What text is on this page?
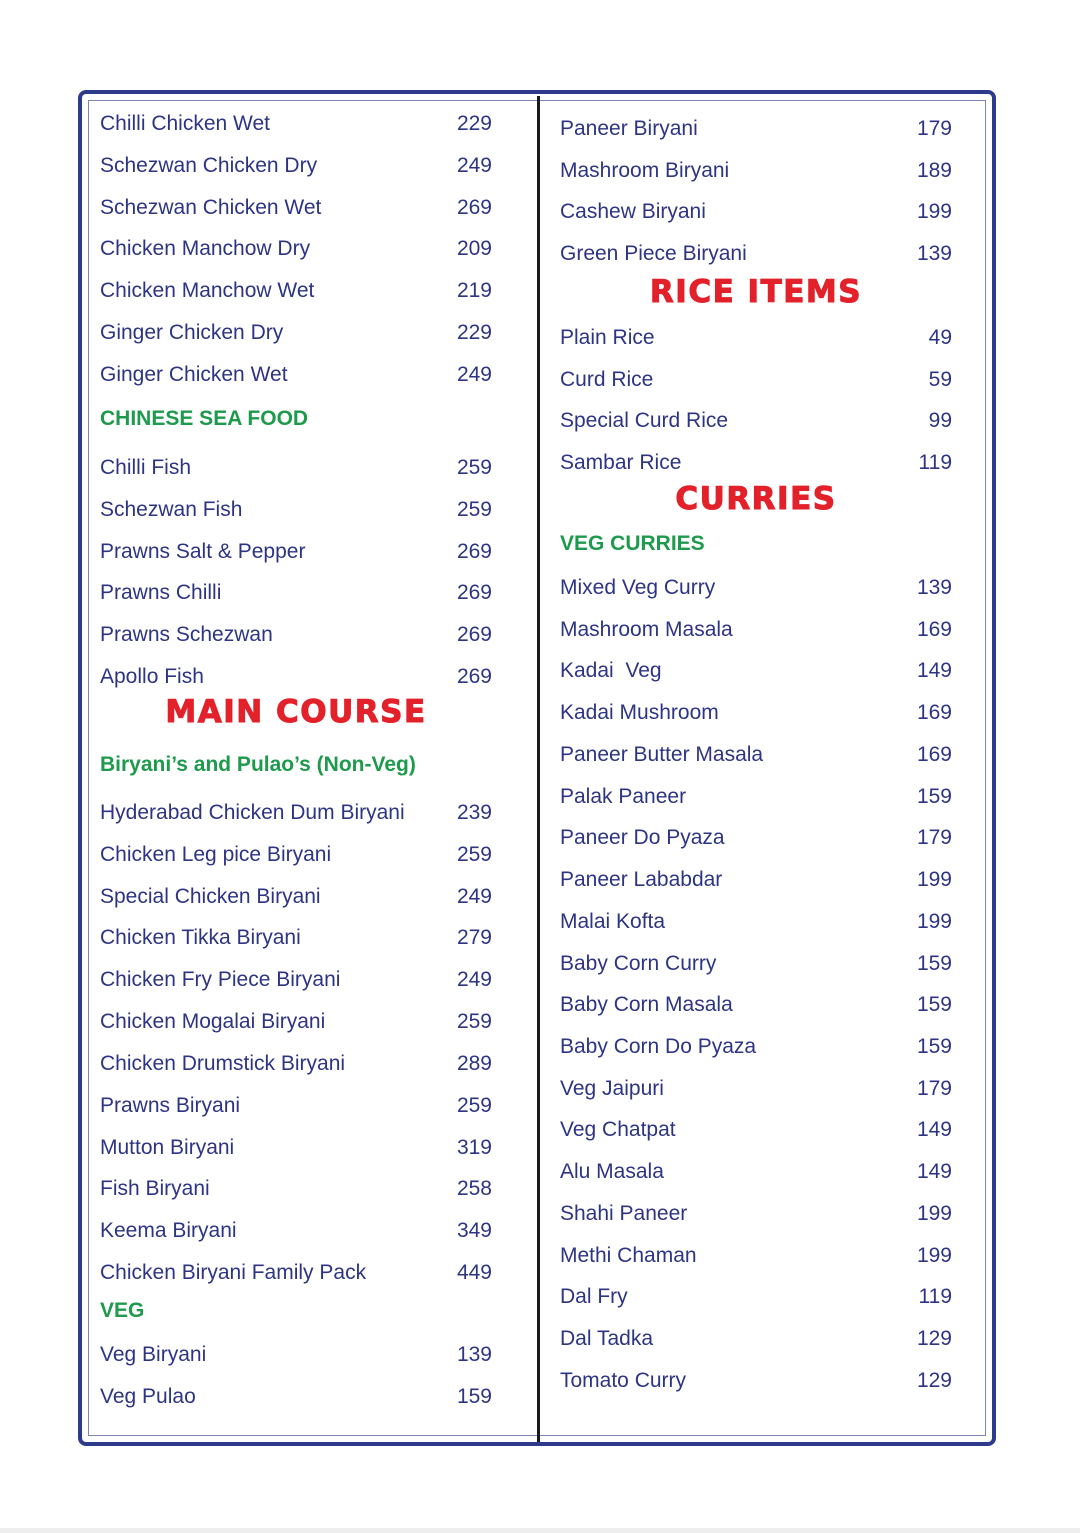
Chilli Chicken Wet	229
Schezwan Chicken Dry	249
Schezwan Chicken Wet	269
Chicken Manchow Dry	209
Chicken Manchow Wet	219
Ginger Chicken Dry	229
Ginger Chicken Wet	249
CHINESE SEA FOOD
Chilli Fish	259
Schezwan Fish	259
Prawns Salt & Pepper	269
Prawns Chilli	269
Prawns Schezwan	269
Apollo Fish	269
MAIN COURSE
Biryani’s and Pulao’s (Non-Veg)
Hyderabad Chicken Dum Biryani 239
Chicken Leg pice Biryani	259
Special Chicken Biryani	249
Chicken Tikka Biryani	279
Chicken Fry Piece Biryani	249
Chicken Mogalai Biryani	259
Chicken Drumstick Biryani	289
Prawns Biryani	259
Mutton Biryani	319
Fish Biryani	258
Keema Biryani	349
Chicken Biryani Family Pack	449
VEG
Veg Biryani	139
Veg Pulao	159
Paneer Biryani	179
Mashroom Biryani	189
Cashew Biryani	199
Green Piece Biryani	139
RICE ITEMS
Plain Rice	49
Curd Rice	59
Special Curd Rice	99
Sambar Rice	119
CURRIES
VEG CURRIES
Mixed Veg Curry	139
Mashroom Masala	169
Kadai  Veg	149
Kadai Mushroom	169
Paneer Butter Masala	169
Palak Paneer	159
Paneer Do Pyaza	179
Paneer Lababdar	199
Malai Kofta	199
Baby Corn Curry	159
Baby Corn Masala	159
Baby Corn Do Pyaza	159
Veg Jaipuri	179
Veg Chatpat	149
Alu Masala	149
Shahi Paneer	199
Methi Chaman	199
Dal Fry	119
Dal Tadka	129
Tomato Curry	129
